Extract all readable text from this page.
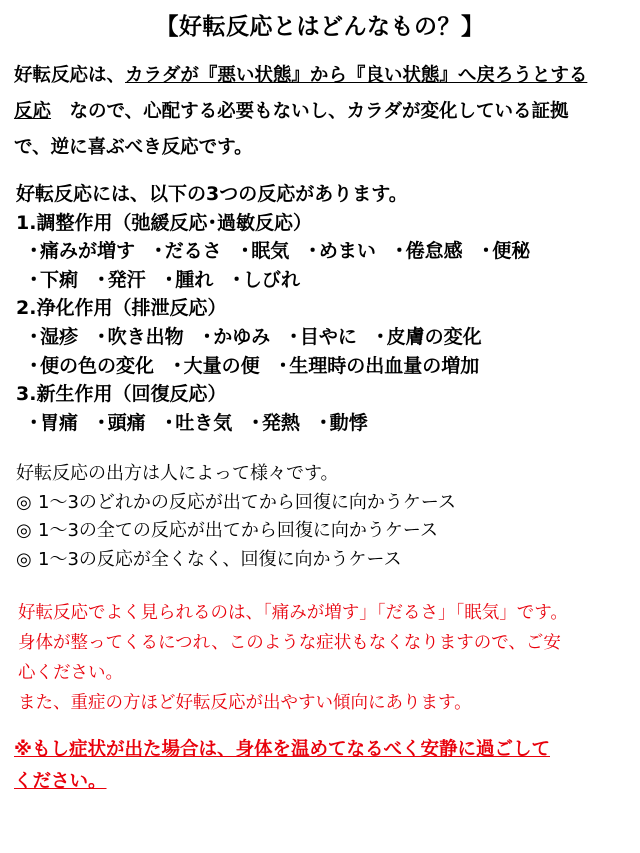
【好転反応とはどんなもの？】
好転反応は、カラダが『悪い状態』から『良い状態』へ戻ろうとする
反応　なので、心配する必要もないし、カラダが変化している証拠
で、逆に喜ぶべき反応です。
好転反応には、以下の3つの反応があります。
1.調整作用（弛緩反応･過敏反応）
･痛みが増す ･だるさ ･眠気 ･めまい ･倦怠感 ･便秘
･下痢 ･発汗 ･腫れ ･しびれ
2.浄化作用（排泄反応）
･湿疹 ･吹き出物 ･かゆみ ･目やに ･皮膚の変化
･便の色の変化 ･大量の便 ･生理時の出血量の増加
3.新生作用（回復反応）
･胃痛 ･頭痛 ･吐き気 ･発熱 ･動悸
好転反応の出方は人によって様々です。
◎ 1～3のどれかの反応が出てから回復に向かうケース
◎ 1～3の全ての反応が出てから回復に向かうケース
◎ 1～3の反応が全くなく、回復に向かうケース
好転反応でよく見られるのは、「痛みが増す」「だるさ」「眠気」です。
身体が整ってくるにつれ、このような症状もなくなりますので、ご安
心ください。
また、重症の方ほど好転反応が出やすい傾向にあります。
※もし症状が出た場合は、身体を温めてなるべく安静に過ごして
ください。
